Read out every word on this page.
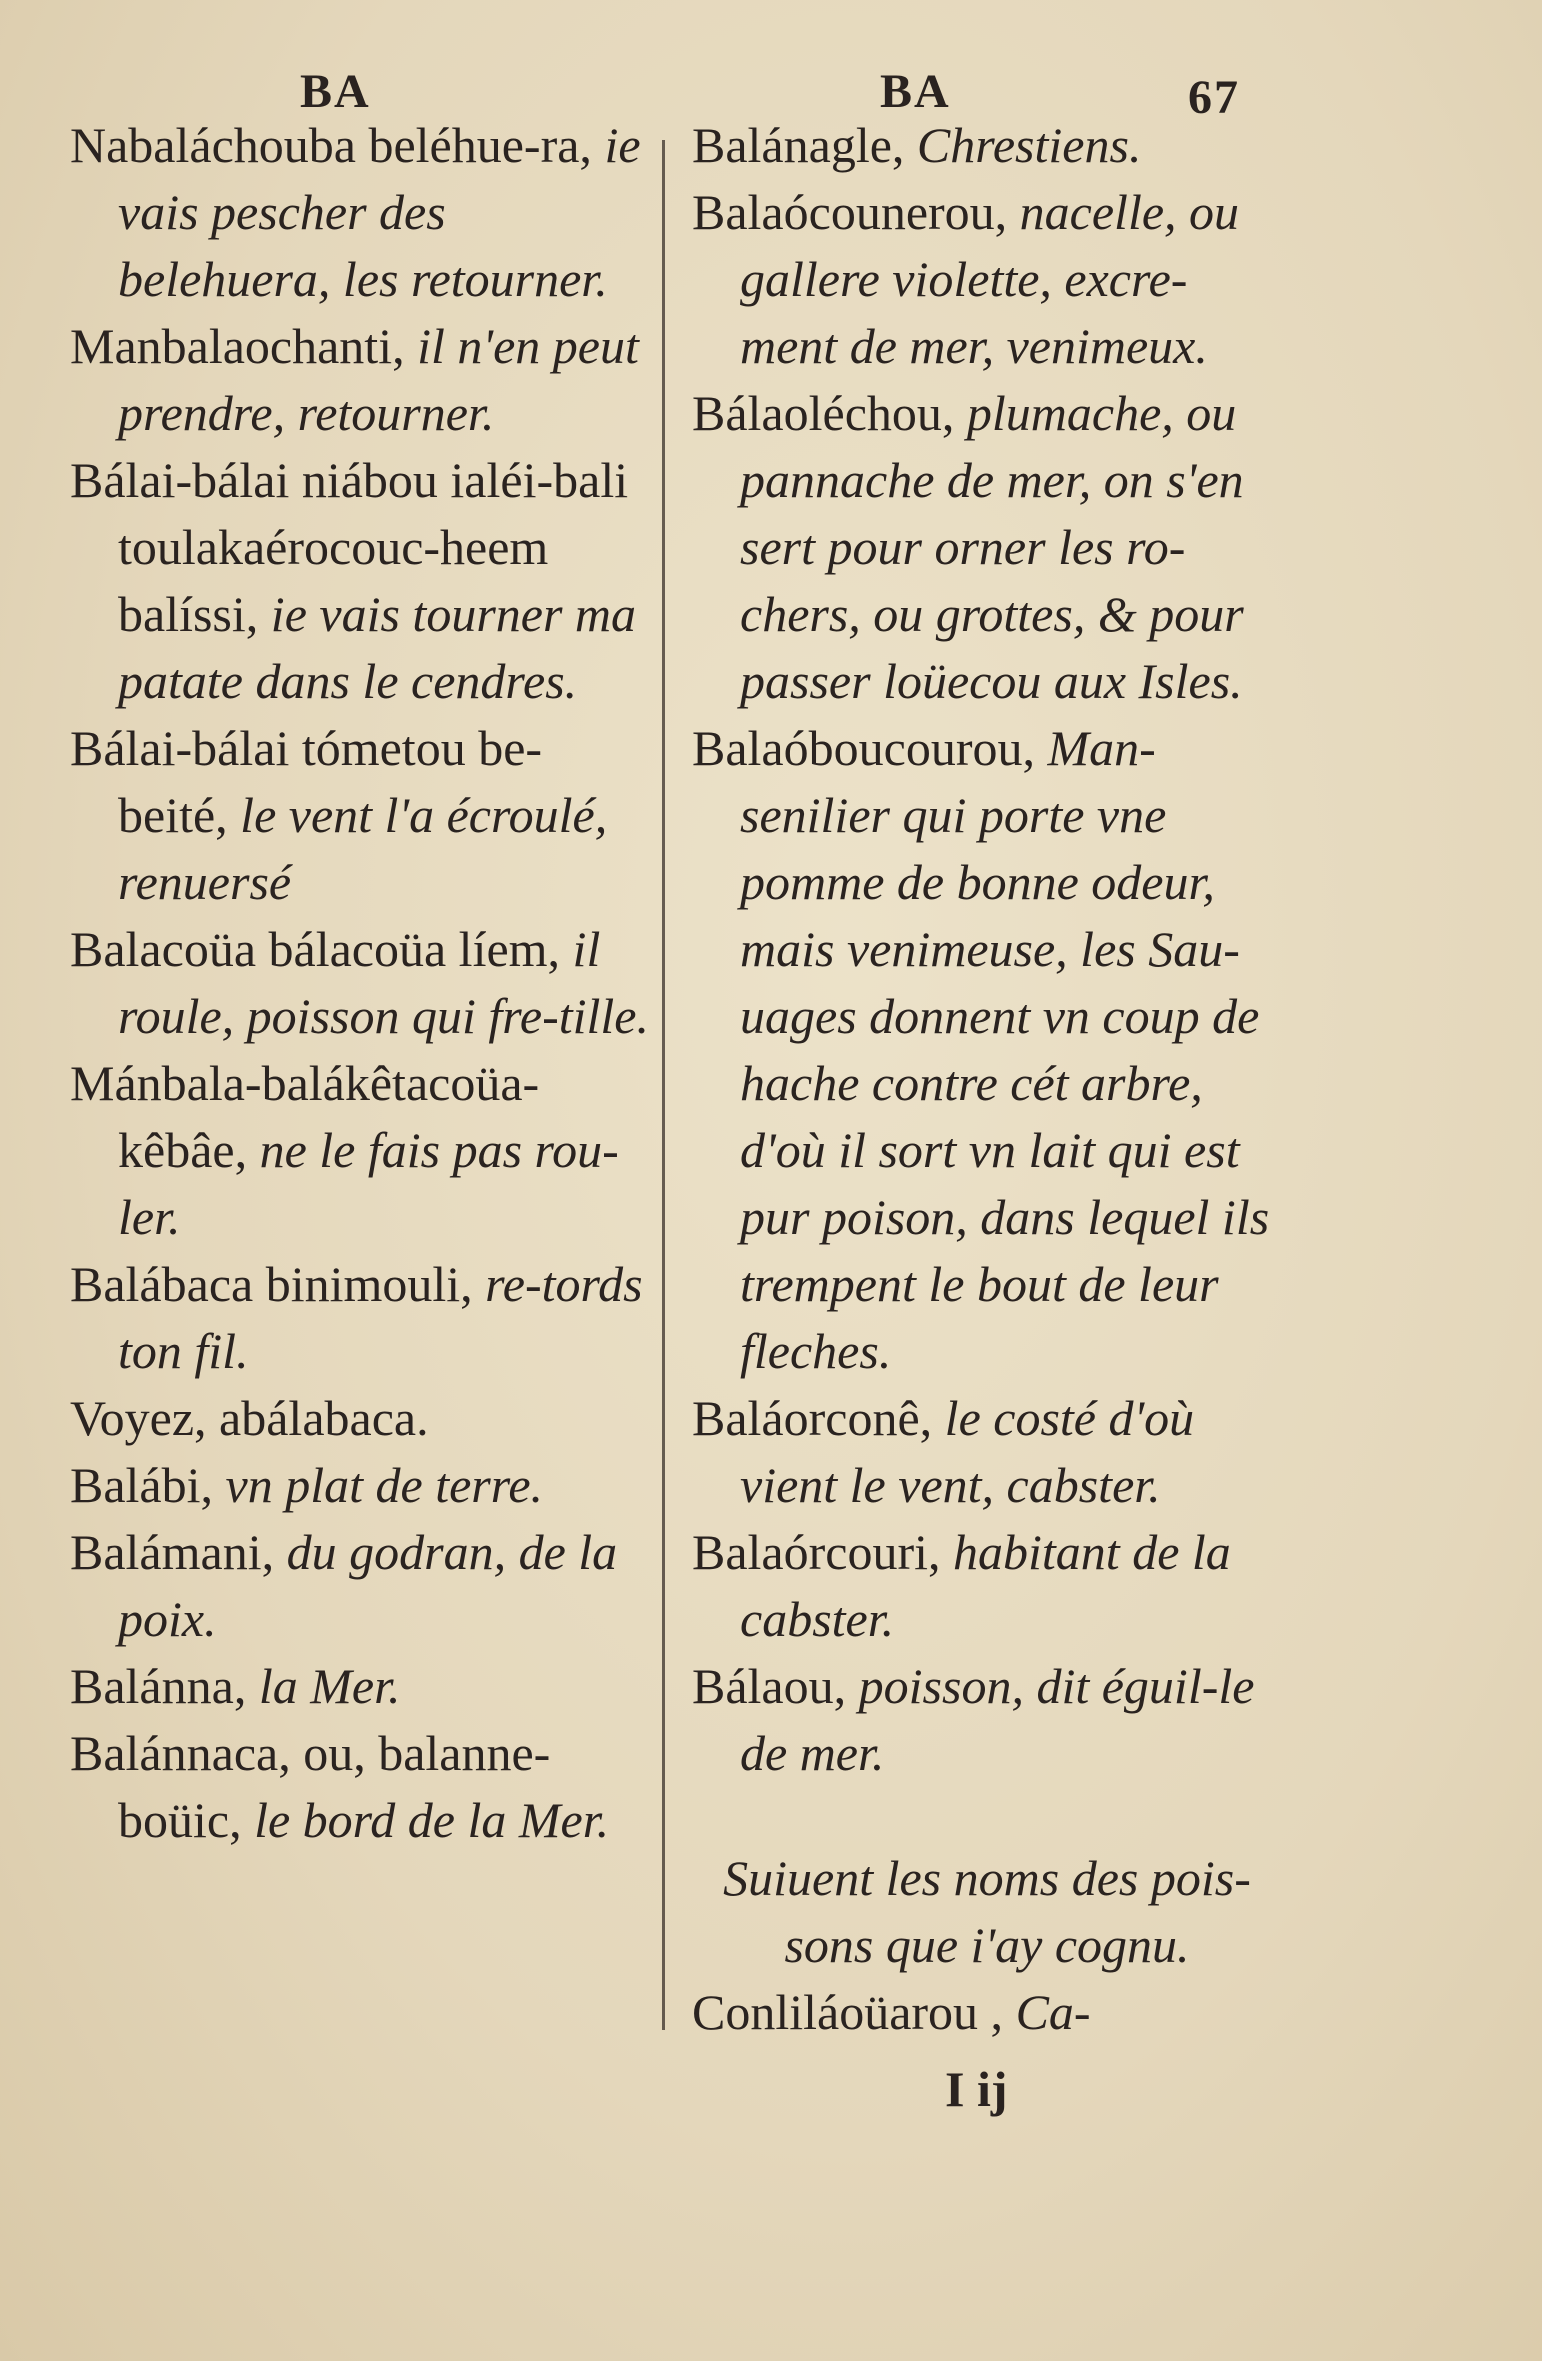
BA	BA	67

Nabaláchouba beléhue-ra, ie vais pescher des belehuera, les retourner.

Manbalaochanti, il n'en peut prendre, retourner.

Bálai-bálai niábou ialéi-bali toulakaérocouc-heem balíssi, ie vais tourner ma patate dans le cendres.

Bálai-bálai tómetou be-beité, le vent l'a écroulé, renuersé

Balacoüa bálacoüa líem, il roule, poisson qui fre-tille.

Mánbala-balákêtacoüa-kêbâe, ne le fais pas rou-ler.

Balábaca binimouli, re-tords ton fil.

Voyez, abálabaca.

Balábi, vn plat de terre.

Balámani, du godran, de la poix.

Balánna, la Mer.

Balánnaca, ou, balanne-boüic, le bord de la Mer.

Balánagle, Chrestiens.

Balaócounerou, nacelle, ou gallere violette, excre-ment de mer, venimeux.

Bálaoléchou, plumache, ou pannache de mer, on s'en sert pour orner les ro-chers, ou grottes, & pour passer loüecou aux Isles.

Balaóboucourou, Man-senilier qui porte vne pomme de bonne odeur, mais venimeuse, les Sau-uages donnent vn coup de hache contre cét arbre, d'où il sort vn lait qui est pur poison, dans lequel ils trempent le bout de leur fleches.

Baláorconê, le costé d'où vient le vent, cabster.

Balaórcouri, habitant de la cabster.

Bálaou, poisson, dit éguil-le de mer.

Suiuent les noms des pois-sons que i'ay cognu.

Conliláoüarou , Ca-

I ij
